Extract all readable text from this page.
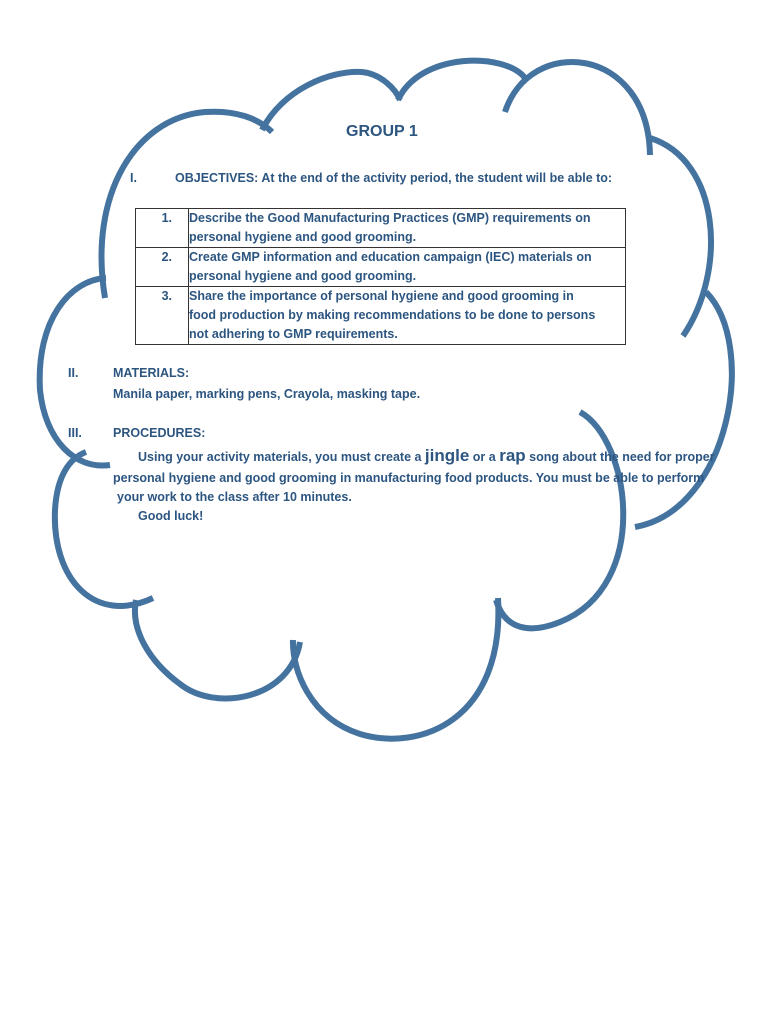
GROUP 1
I.	OBJECTIVES: At the end of the activity period, the student will be able to:
1.	Describe the Good Manufacturing Practices (GMP) requirements on
personal hygiene and good grooming.

2.	Create GMP information and education campaign (IEC) materials on
personal hygiene and good grooming.

3.	Share the importance of personal hygiene and good grooming in
food production by making recommendations to be done to persons
not adhering to GMP requirements.
II.	MATERIALS:
Manila paper, marking pens, Crayola, masking tape.
III. PROCEDURES:
Using your activity materials, you must create a jingle or a rap song about the need for proper
personal hygiene and good grooming in manufacturing food products. You must be able to perform
your work to the class after 10 minutes.
Good luck!
